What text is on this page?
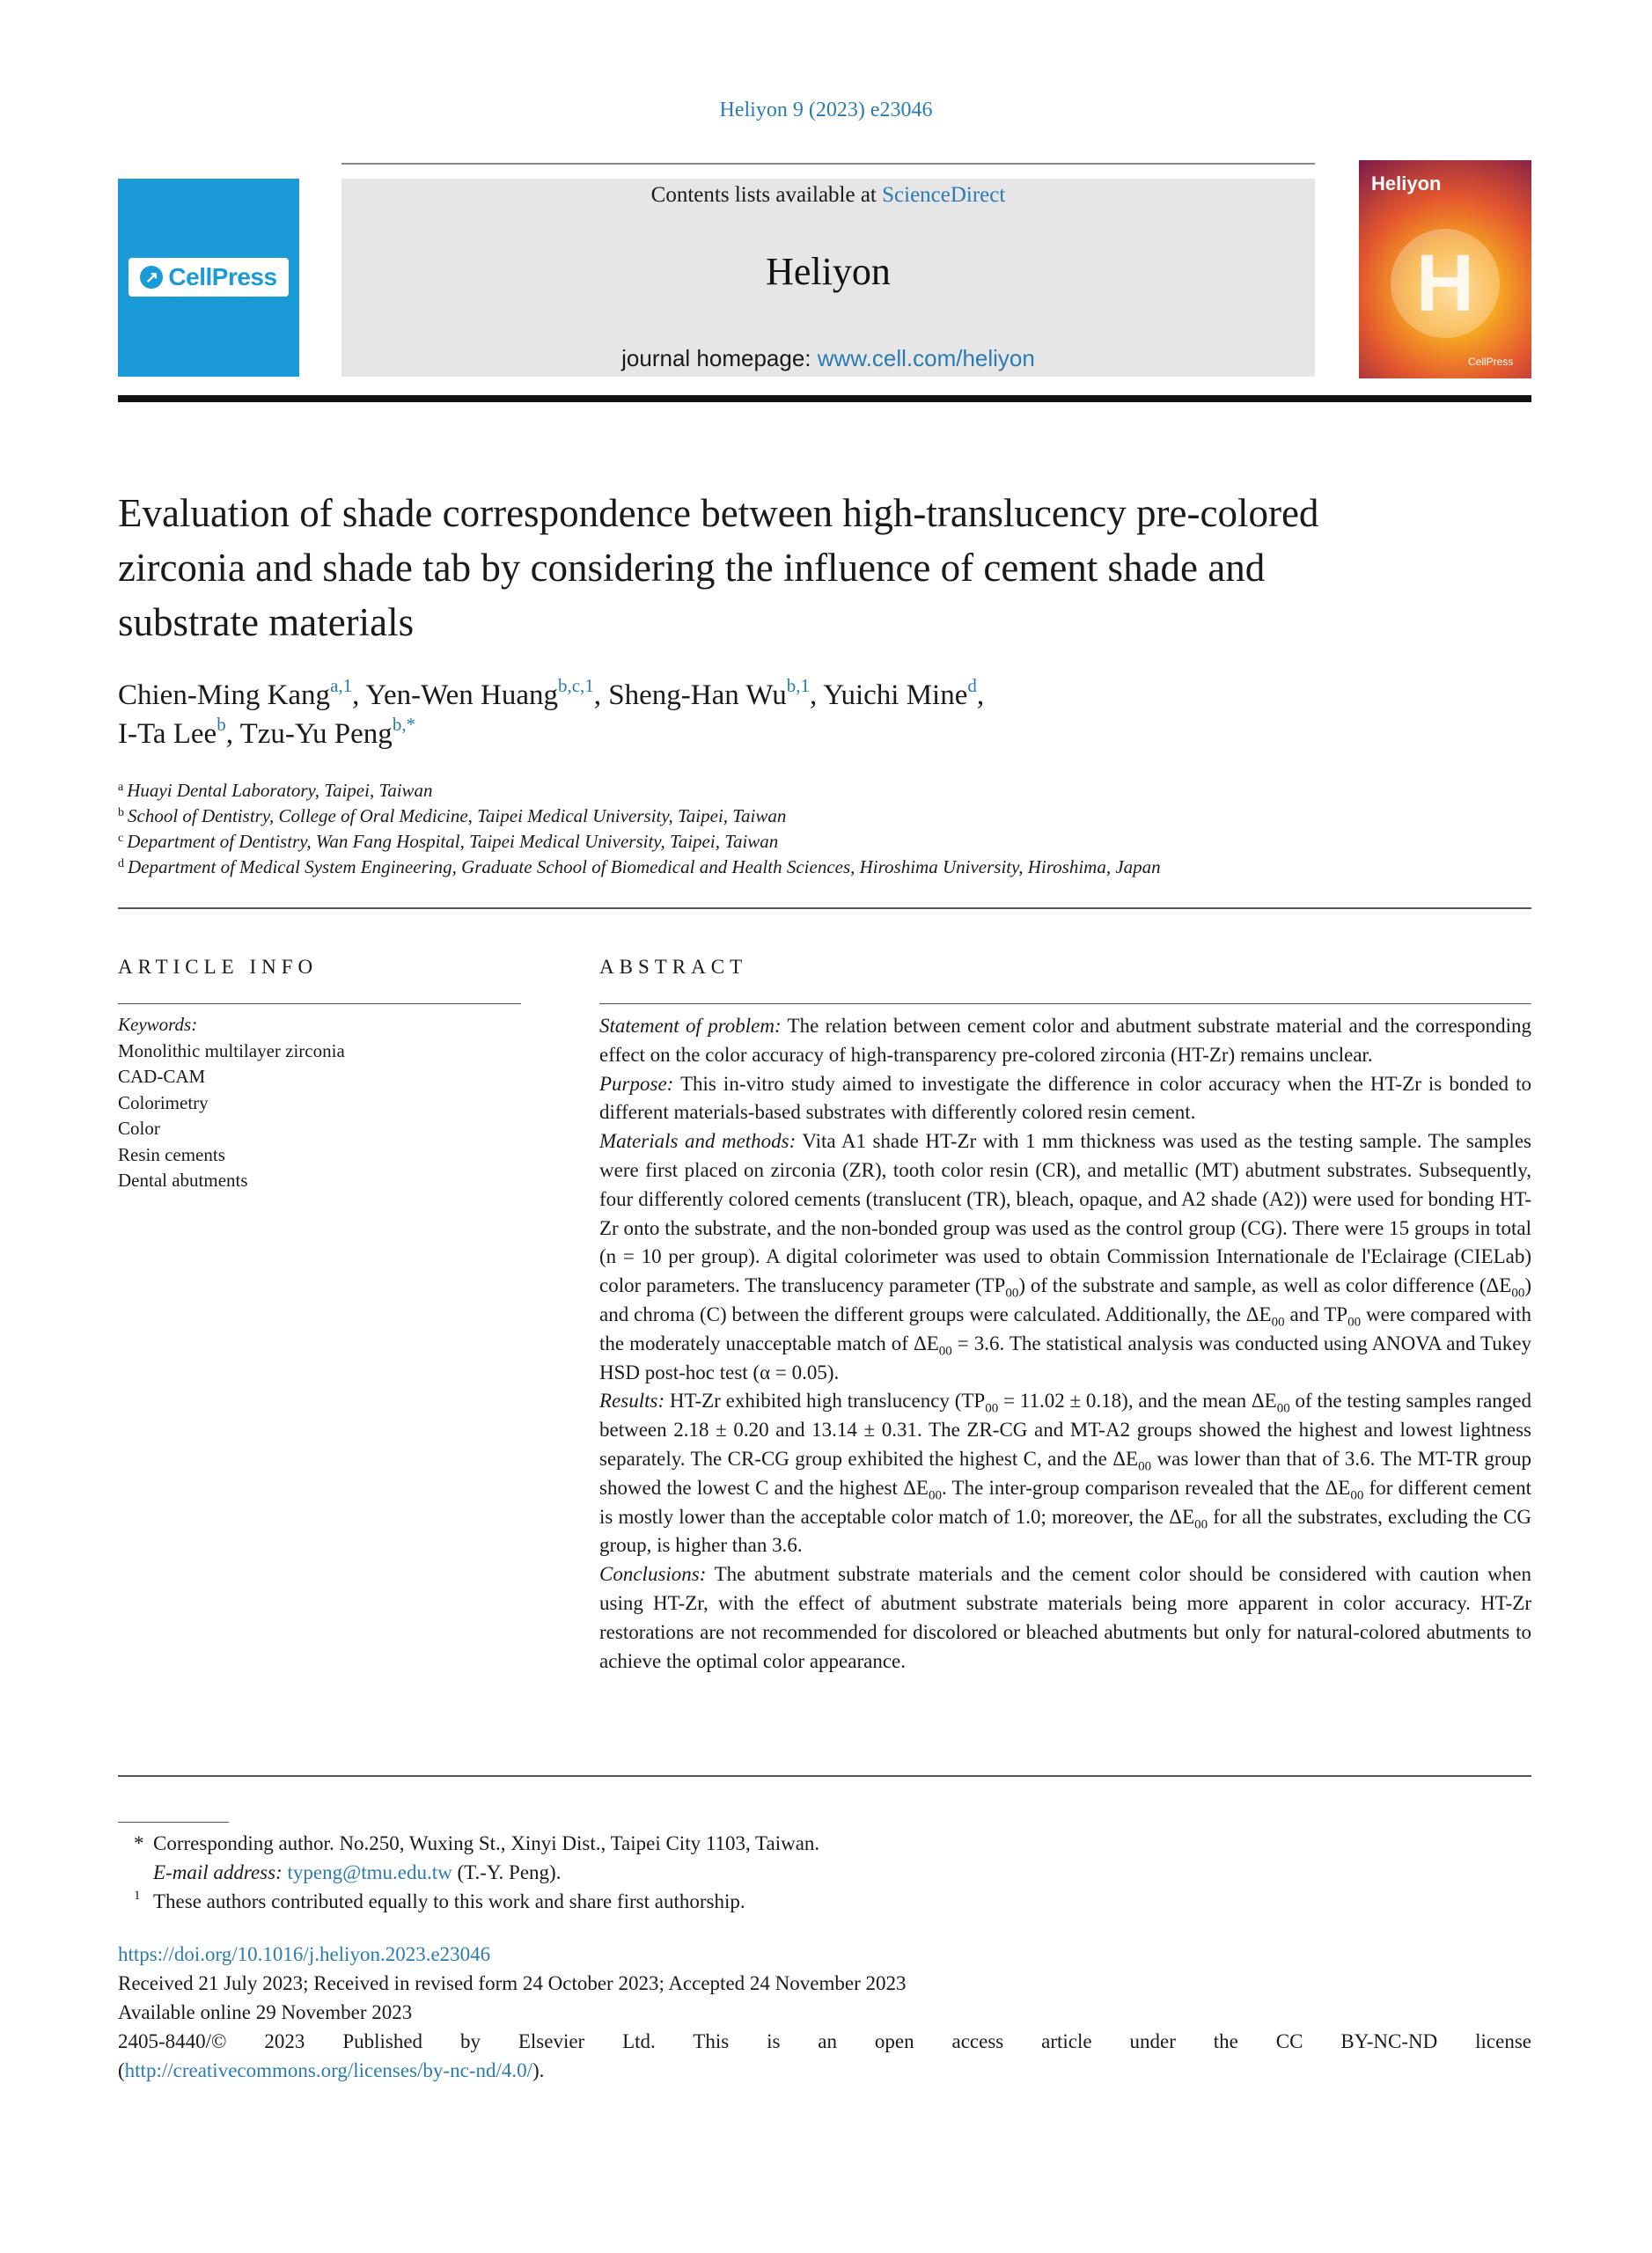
Heliyon 9 (2023) e23046
↗ CellPress
Contents lists available at ScienceDirect
Heliyon
journal homepage: www.cell.com/heliyon
Heliyon
H
CellPress
Evaluation of shade correspondence between high-translucency pre-colored zirconia and shade tab by considering the influence of cement shade and substrate materials
Chien-Ming Kang$^{a,1}$, Yen-Wen Huang$^{b,c,1}$, Sheng-Han Wu$^{b,1}$, Yuichi Mine$^d$,
I-Ta Lee$^b$, Tzu-Yu Peng$^{b,*}$
$^a$ Huayi Dental Laboratory, Taipei, Taiwan
$^b$ School of Dentistry, College of Oral Medicine, Taipei Medical University, Taipei, Taiwan
$^c$ Department of Dentistry, Wan Fang Hospital, Taipei Medical University, Taipei, Taiwan
$^d$ Department of Medical System Engineering, Graduate School of Biomedical and Health Sciences, Hiroshima University, Hiroshima, Japan
ARTICLE INFO
Keywords:
Monolithic multilayer zirconia
CAD-CAM
Colorimetry
Color
Resin cements
Dental abutments
ABSTRACT

Statement of problem: The relation between cement color and abutment substrate material and the corresponding effect on the color accuracy of high-transparency pre-colored zirconia (HT-Zr) remains unclear.

Purpose: This in-vitro study aimed to investigate the difference in color accuracy when the HT-Zr is bonded to different materials-based substrates with differently colored resin cement.

Materials and methods: Vita A1 shade HT-Zr with 1 mm thickness was used as the testing sample. The samples were first placed on zirconia (ZR), tooth color resin (CR), and metallic (MT) abutment substrates. Subsequently, four differently colored cements (translucent (TR), bleach, opaque, and A2 shade (A2)) were used for bonding HT-Zr onto the substrate, and the non-bonded group was used as the control group (CG). There were 15 groups in total (n = 10 per group). A digital colorimeter was used to obtain Commission Internationale de l'Eclairage (CIELab) color parameters. The translucency parameter $(TP_{00})$ of the substrate and sample, as well as color difference $(\Delta E_{00})$ and chroma (C) between the different groups were calculated. Additionally, the $\Delta E_{00}$ and $TP_{00}$ were compared with the moderately unacceptable match of $\Delta E_{00} = 3.6$. The statistical analysis was conducted using ANOVA and Tukey HSD post-hoc test (α = 0.05).

Results: HT-Zr exhibited high translucency $(TP_{00} = 11.02 \pm 0.18)$, and the mean $\Delta E_{00}$ of the testing samples ranged between 2.18 ± 0.20 and 13.14 ± 0.31. The ZR-CG and MT-A2 groups showed the highest and lowest lightness separately. The CR-CG group exhibited the highest C, and the $\Delta E_{00}$ was lower than that of 3.6. The MT-TR group showed the lowest C and the highest $\Delta E_{00}$. The inter-group comparison revealed that the $\Delta E_{00}$ for different cement is mostly lower than the acceptable color match of 1.0; moreover, the $\Delta E_{00}$ for all the substrates, excluding the CG group, is higher than 3.6.

Conclusions: The abutment substrate materials and the cement color should be considered with caution when using HT-Zr, with the effect of abutment substrate materials being more apparent in color accuracy. HT-Zr restorations are not recommended for discolored or bleached abutments but only for natural-colored abutments to achieve the optimal color appearance.

* Corresponding author. No.250, Wuxing St., Xinyi Dist., Taipei City 1103, Taiwan.
E-mail address: typeng@tmu.edu.tw (T.-Y. Peng).
1 These authors contributed equally to this work and share first authorship.
https://doi.org/10.1016/j.heliyon.2023.e23046
Received 21 July 2023; Received in revised form 24 October 2023; Accepted 24 November 2023
Available online 29 November 2023
2405-8440/© 2023 Published by Elsevier Ltd. This is an open access article under the CC BY-NC-ND license
(http://creativecommons.org/licenses/by-nc-nd/4.0/).
